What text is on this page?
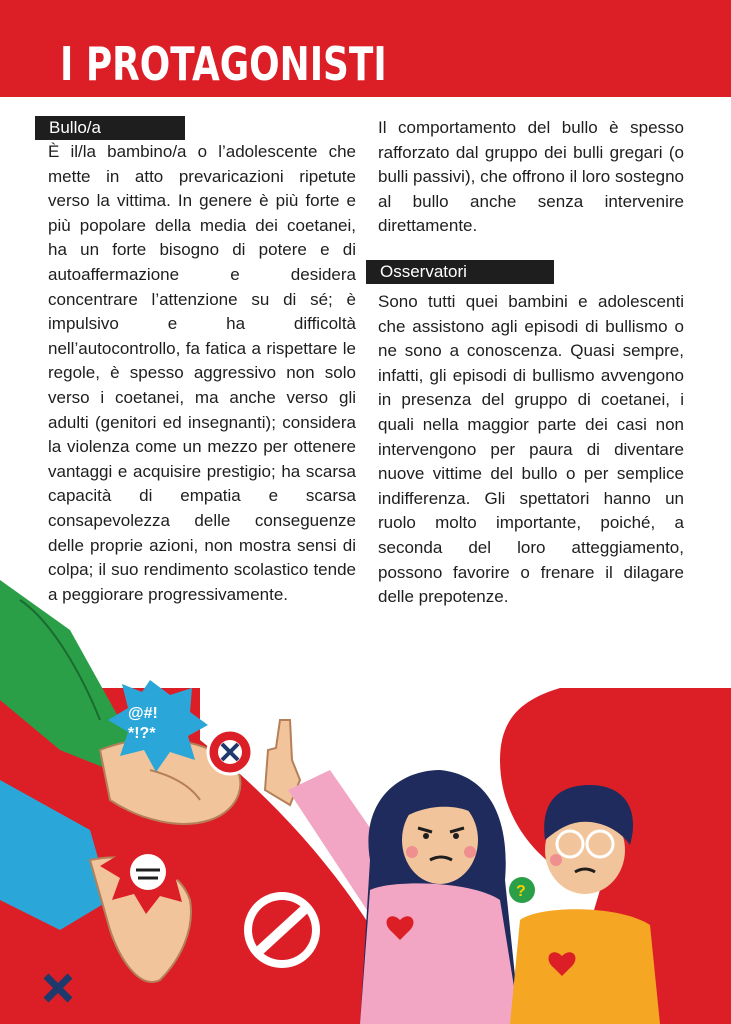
I PROTAGONISTI
Bullo/a

È il/la bambino/a o l’adolescente che mette in atto prevaricazioni ripetute verso la vittima. In genere è più forte e più popolare della media dei coetanei, ha un forte bisogno di potere e di autoaffermazione e desidera concentrare l’attenzione su di sé; è impulsivo e ha difficoltà nell’autocontrollo, fa fatica a rispettare le regole, è spesso aggressivo non solo verso i coetanei, ma anche verso gli adulti (genitori ed insegnanti); considera la violenza come un mezzo per ottenere vantaggi e acquisire prestigio; ha scarsa capacità di empatia e scarsa consapevolezza delle conseguenze delle proprie azioni, non mostra sensi di colpa; il suo rendimento scolastico tende a peggiorare progressivamente.

Il comportamento del bullo è spesso rafforzato dal gruppo dei bulli gregari (o bulli passivi), che offrono il loro sostegno al bullo anche senza intervenire direttamente.

Osservatori

Sono tutti quei bambini e adolescenti che assistono agli episodi di bullismo o ne sono a conoscenza. Quasi sempre, infatti, gli episodi di bullismo avvengono in presenza del gruppo di coetanei, i quali nella maggior parte dei casi non intervengono per paura di diventare nuove vittime del bullo o per semplice indifferenza. Gli spettatori hanno un ruolo molto importante, poiché, a seconda del loro atteggiamento, possono favorire o frenare il dilagare delle prepotenze.

@#!
*!?*
?
